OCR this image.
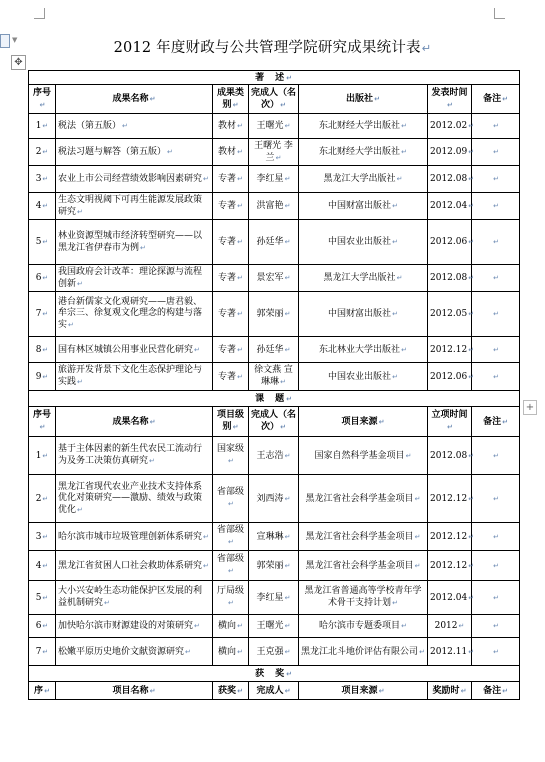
▼
✥
+
2012 年度财政与公共管理学院研究成果统计表↵
著　述↵						
序号↵	成果名称↵	成果类别↵	完成人（名次）↵	出版社↵	发表时间↵	备注↵
1↵	税法（第五版）↵	教材↵	王曙光↵	东北财经大学出版社↵	2012.02↵	↵
2↵	税法习题与解答（第五版）↵	教材↵	王曙光 李　兰↵	东北财经大学出版社↵	2012.09↵	↵
3↵	农业上市公司经营绩效影响因素研究↵	专著↵	李红星↵	黑龙江大学出版社↵	2012.08↵	↵
4↵	生态文明视阈下可再生能源发展政策研究↵	专著↵	洪富艳↵	中国财富出版社↵	2012.04↵	↵
5↵	林业资源型城市经济转型研究——以黑龙江省伊春市为例↵	专著↵	孙廷华↵	中国农业出版社↵	2012.06↵	↵
6↵	我国政府会计改革：理论探源与流程创新↵	专著↵	景宏军↵	黑龙江大学出版社↵	2012.08↵	↵
7↵	港台新儒家文化观研究——唐君毅、牟宗三、徐复观文化理念的构建与落实↵	专著↵	郭荣丽↵	中国财富出版社↵	2012.05↵	↵
8↵	国有林区城镇公用事业民营化研究↵	专著↵	孙廷华↵	东北林业大学出版社↵	2012.12↵	↵
9↵	旅游开发背景下文化生态保护理论与实践↵	专著↵	徐文燕 宣琳琳↵	中国农业出版社↵	2012.06↵	↵
课　题↵						
序号↵	成果名称↵	项目级别↵	完成人（名次）↵	项目来源↵	立项时间↵	备注↵
1↵	基于主体因素的新生代农民工流动行为及务工决策仿真研究↵	国家级↵	王志浩↵	国家自然科学基金项目↵	2012.08↵	↵
2↵	黑龙江省现代农业产业技术支持体系优化对策研究——激励、绩效与政策优化↵	省部级↵	刘西涛↵	黑龙江省社会科学基金项目↵	2012.12↵	↵
3↵	哈尔滨市城市垃圾管理创新体系研究↵	省部级↵	宣琳琳↵	黑龙江省社会科学基金项目↵	2012.12↵	↵
4↵	黑龙江省贫困人口社会救助体系研究↵	省部级↵	郭荣丽↵	黑龙江省社会科学基金项目↵	2012.12↵	↵
5↵	大小兴安岭生态功能保护区发展的利益机制研究↵	厅局级↵	李红星↵	黑龙江省普通高等学校青年学术骨干支持计划↵	2012.04↵	↵
6↵	加快哈尔滨市财源建设的对策研究↵	横向↵	王曙光↵	哈尔滨市专题委项目↵	2012↵	↵
7↵	松嫩平原历史地价文献资源研究↵	横向↵	王克强↵	黑龙江北斗地价评估有限公司↵	2012.11↵	↵
获　奖↵						
序↵	项目名称↵	获奖↵	完成人↵	项目来源↵	奖励时↵	备注↵
